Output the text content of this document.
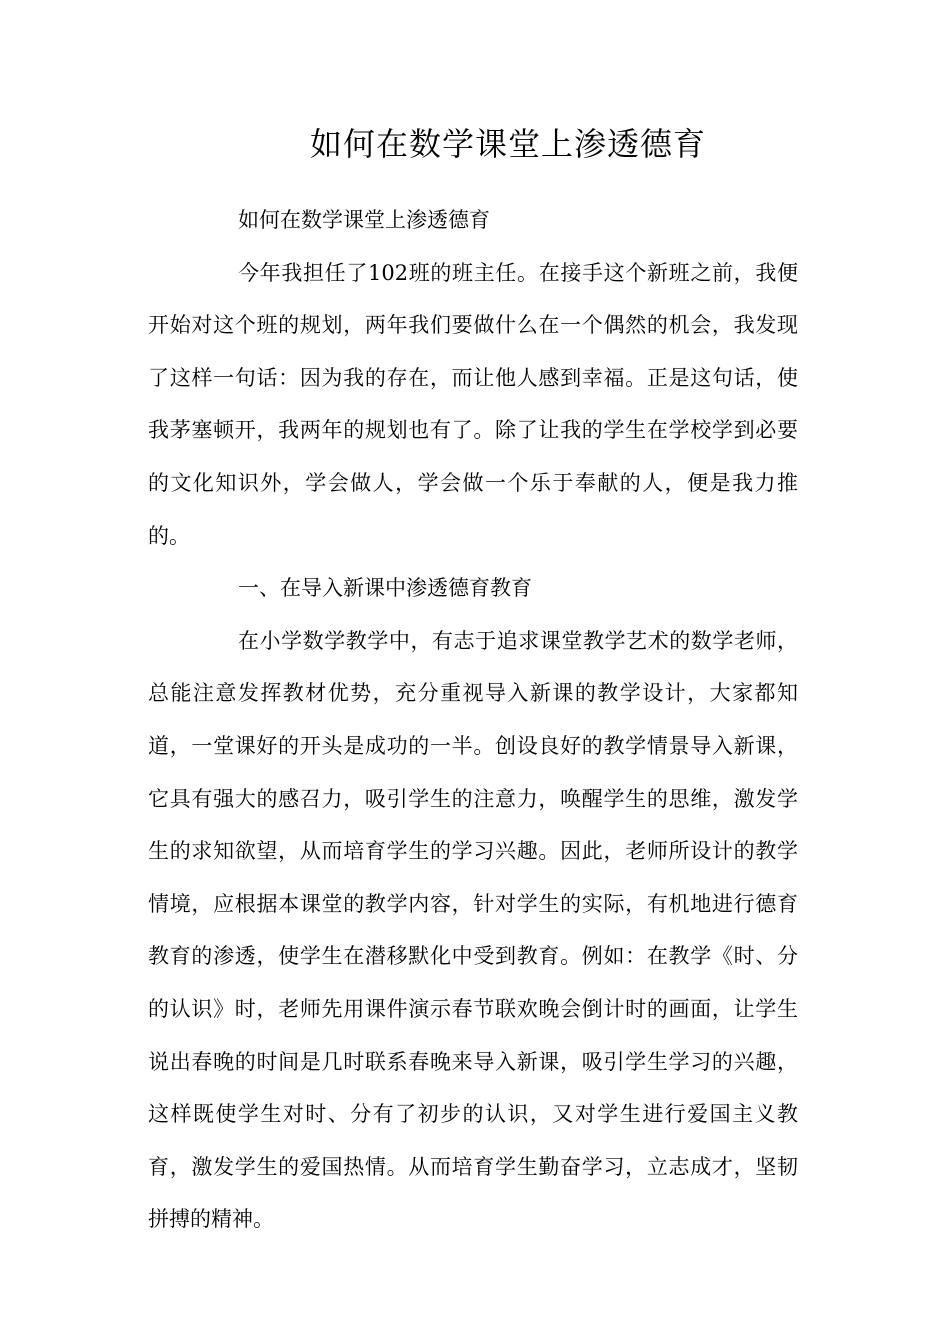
如何在数学课堂上渗透德育

如何在数学课堂上渗透德育

今年我担任了102班的班主任。在接手这个新班之前，我便开始对这个班的规划，两年我们要做什么在一个偶然的机会，我发现了这样一句话：因为我的存在，而让他人感到幸福。正是这句话，使我茅塞顿开，我两年的规划也有了。除了让我的学生在学校学到必要的文化知识外，学会做人，学会做一个乐于奉献的人，便是我力推的。

一、在导入新课中渗透德育教育

在小学数学教学中，有志于追求课堂教学艺术的数学老师，总能注意发挥教材优势，充分重视导入新课的教学设计，大家都知道，一堂课好的开头是成功的一半。创设良好的教学情景导入新课，它具有强大的感召力，吸引学生的注意力，唤醒学生的思维，激发学生的求知欲望，从而培育学生的学习兴趣。因此，老师所设计的教学情境，应根据本课堂的教学内容，针对学生的实际，有机地进行德育教育的渗透，使学生在潜移默化中受到教育。例如：在教学《时、分的认识》时，老师先用课件演示春节联欢晚会倒计时的画面，让学生说出春晚的时间是几时联系春晚来导入新课，吸引学生学习的兴趣，这样既使学生对时、分有了初步的认识，又对学生进行爱国主义教育，激发学生的爱国热情。从而培育学生勤奋学习，立志成才，坚韧拼搏的精神。
